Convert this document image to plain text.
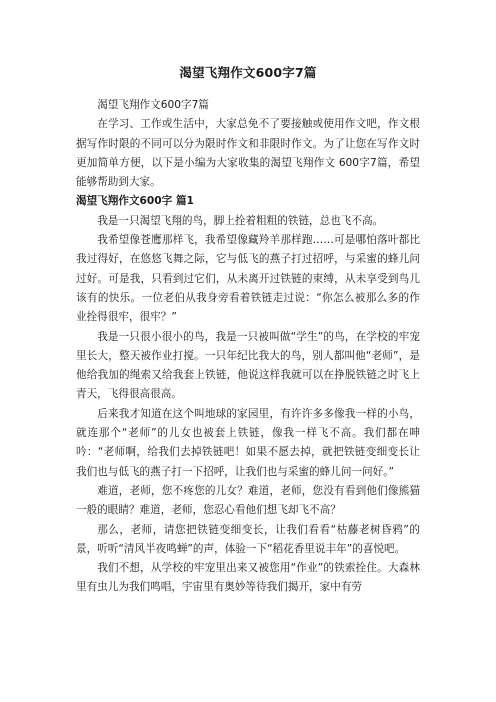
渴望飞翔作文600字7篇

渴望飞翔作文600字7篇

在学习、工作或生活中，大家总免不了要接触或使用作文吧，作文根据写作时限的不同可以分为限时作文和非限时作文。为了让您在写作文时更加简单方便，以下是小编为大家收集的渴望飞翔作文 600字7篇，希望能够帮助到大家。

渴望飞翔作文600字 篇1

我是一只渴望飞翔的鸟，脚上拴着粗粗的铁链，总也飞不高。

我希望像苍鹰那样飞，我希望像藏羚羊那样跑……可是哪怕落叶都比我过得好，在悠悠飞舞之际，它与低飞的燕子打过招呼，与采蜜的蜂儿问过好。可是我，只看到过它们，从未离开过铁链的束缚，从未享受到鸟儿该有的快乐。一位老伯从我身旁看着铁链走过说：“你怎么被那么多的作业拴得很牢，很牢？”

我是一只很小很小的鸟，我是一只被叫做“学生”的鸟，在学校的牢宠里长大，整天被作业打搅。一只年纪比我大的鸟，别人都叫他“老师”，是他给我加的绳索又给我套上铁链，他说这样我就可以在挣脱铁链之时飞上青天，飞得很高很高。

后来我才知道在这个叫地球的家园里，有许许多多像我一样的小鸟，就连那个“老师”的儿女也被套上铁链，像我一样飞不高。我们都在呻吟：“老师啊，给我们去掉铁链吧！如果不愿去掉，就把铁链变细变长让我们也与低飞的燕子打一下招呼，让我们也与采蜜的蜂儿问一问好。”

难道，老师，您不疼您的儿女？难道，老师，您没有看到他们像熊猫一般的眼睛？难道，老师，您忍心看他们想飞却飞不高？

那么，老师，请您把铁链变细变长，让我们看看“枯藤老树昏鸦”的景，听听“清风半夜鸣蝉”的声，体验一下“稻花香里说丰年”的喜悦吧。

我们不想，从学校的牢宠里出来又被您用“作业”的铁索拴住。大森林里有虫儿为我们鸣唱，宇宙里有奥妙等待我们揭开，家中有劳
